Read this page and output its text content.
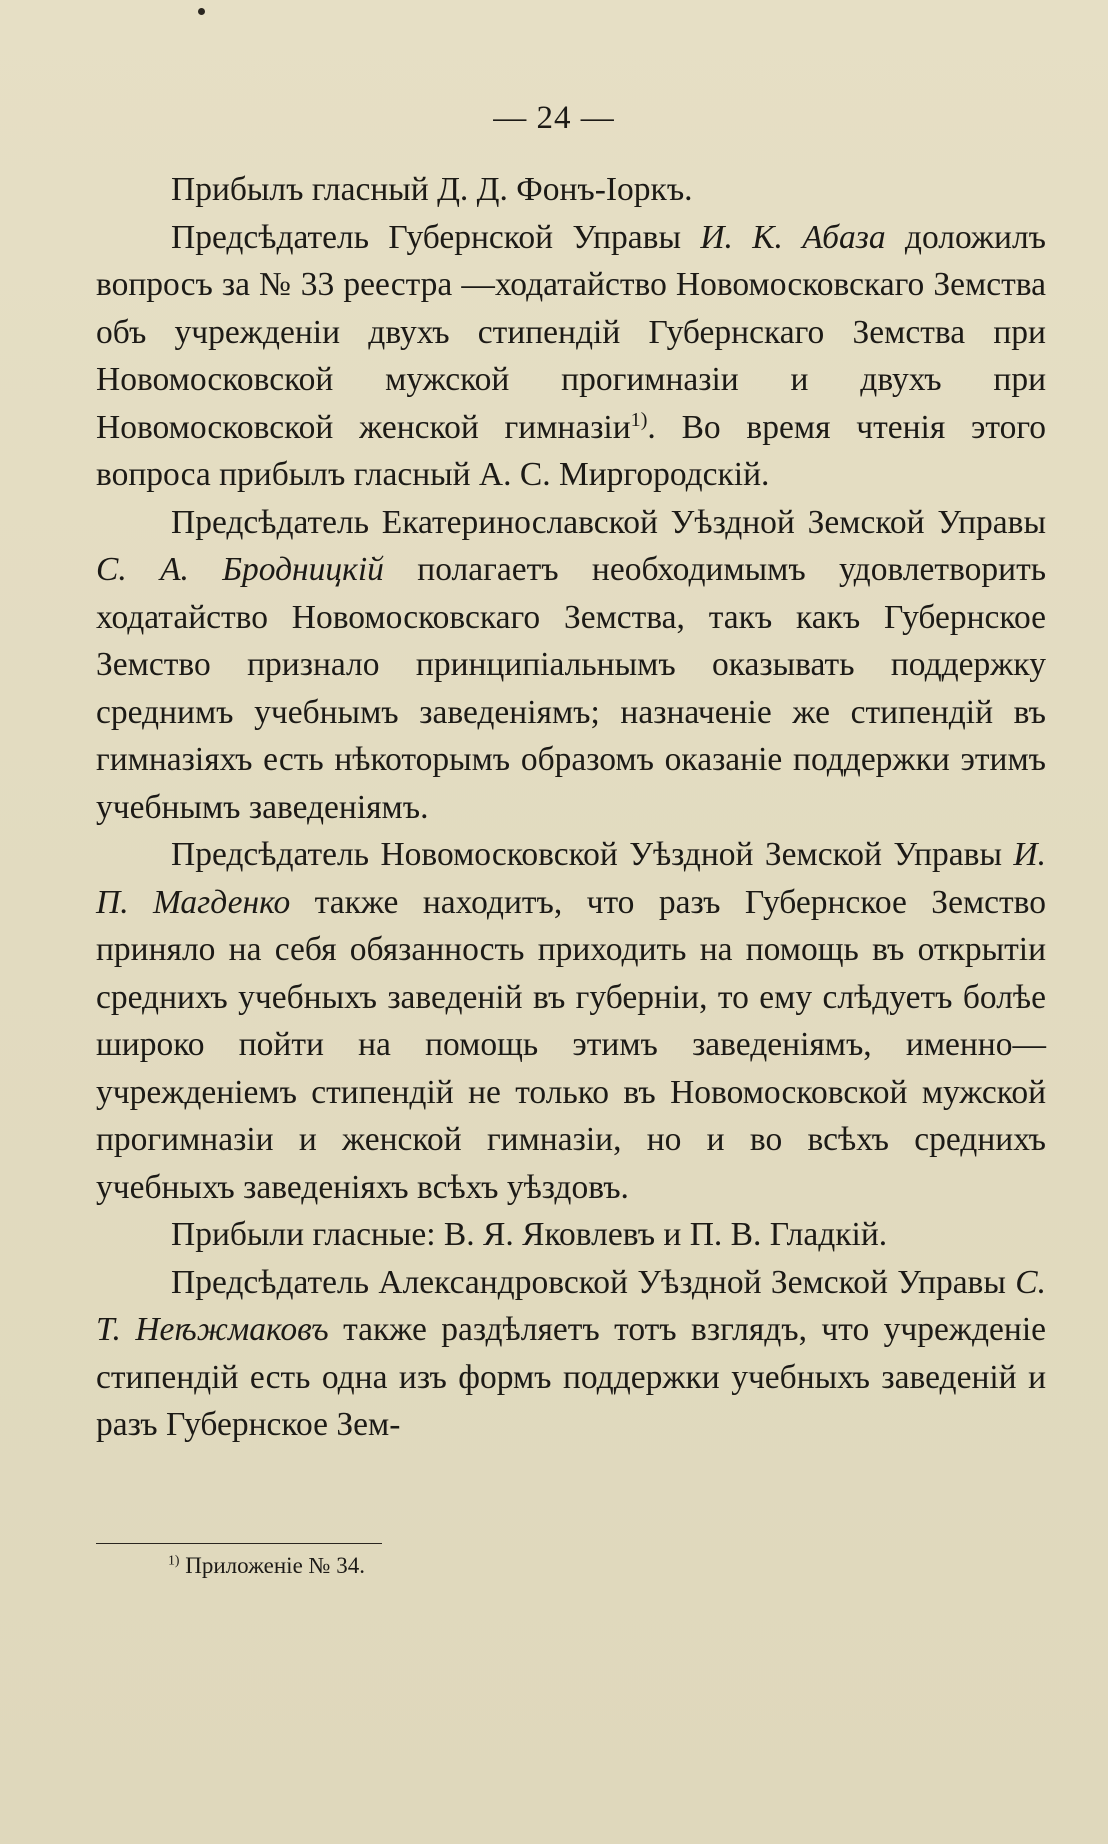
— 24 —

Прибылъ гласный Д. Д. Фонъ-Іоркъ.

Предсѣдатель Губернской Управы И. К. Абаза доложилъ вопросъ за № 33 реестра —ходатайство Новомосковскаго Земства объ учрежденіи двухъ стипендій Губернскаго Земства при Новомосковской мужской прогимназіи и двухъ при Новомосковской женской гимназіи$^{1)}$. Во время чтенія этого вопроса прибылъ гласный А. С. Миргородскій.

Предсѣдатель Екатеринославской Уѣздной Земской Управы С. А. Бродницкій полагаетъ необходимымъ удовлетворить ходатайство Новомосковскаго Земства, такъ какъ Губернское Земство признало принципіальнымъ оказывать поддержку среднимъ учебнымъ заведеніямъ; назначеніе же стипендій въ гимназіяхъ есть нѣкоторымъ образомъ оказаніе поддержки этимъ учебнымъ заведеніямъ.

Предсѣдатель Новомосковской Уѣздной Земской Управы И. П. Магденко также находитъ, что разъ Губернское Земство приняло на себя обязанность приходить на помощь въ открытіи среднихъ учебныхъ заведеній въ губерніи, то ему слѣдуетъ болѣе широко пойти на помощь этимъ заведеніямъ, именно—учрежденіемъ стипендій не только въ Новомосковской мужской прогимназіи и женской гимназіи, но и во всѣхъ среднихъ учебныхъ заведеніяхъ всѣхъ уѣздовъ.

Прибыли гласные: В. Я. Яковлевъ и П. В. Гладкій.

Предсѣдатель Александровской Уѣздной Земской Управы С. Т. Неѣжмаковъ также раздѣляетъ тотъ взглядъ, что учрежденіе стипендій есть одна изъ формъ поддержки учебныхъ заведеній и разъ Губернское Зем-

$^{1)}$ Приложеніе № 34.
